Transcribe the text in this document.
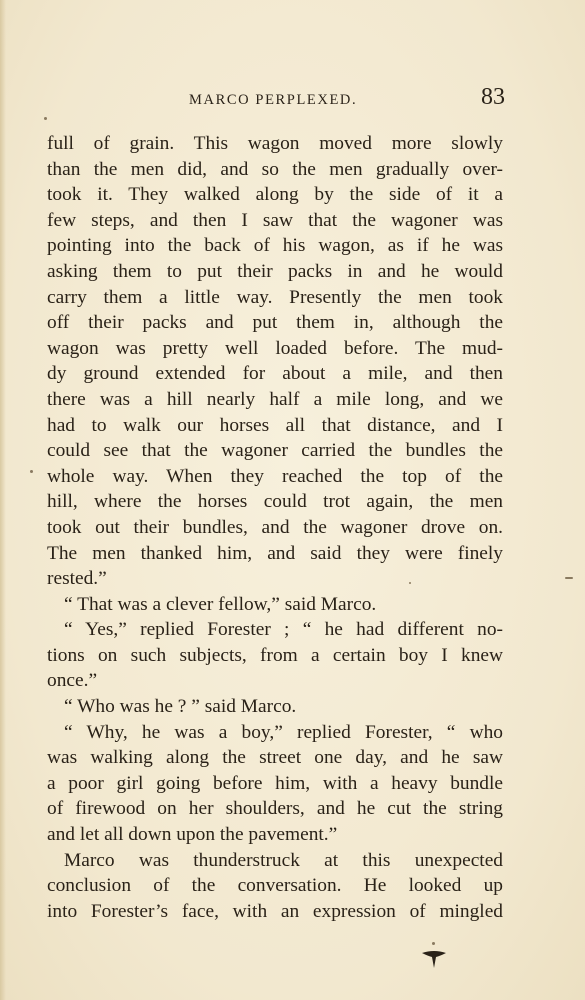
MARCO PERPLEXED.	83
full of grain. This wagon moved more slowly
than the men did, and so the men gradually over-
took it. They walked along by the side of it a
few steps, and then I saw that the wagoner was
pointing into the back of his wagon, as if he was
asking them to put their packs in and he would
carry them a little way. Presently the men took
off their packs and put them in, although the
wagon was pretty well loaded before. The mud-
dy ground extended for about a mile, and then
there was a hill nearly half a mile long, and we
had to walk our horses all that distance, and I
could see that the wagoner carried the bundles the
whole way. When they reached the top of the
hill, where the horses could trot again, the men
took out their bundles, and the wagoner drove on.
The men thanked him, and said they were finely
rested.”
“ That was a clever fellow,” said Marco.
“ Yes,” replied Forester ; “ he had different no-
tions on such subjects, from a certain boy I knew
once.”
“ Who was he ? ” said Marco.
“ Why, he was a boy,” replied Forester, “ who
was walking along the street one day, and he saw
a poor girl going before him, with a heavy bundle
of firewood on her shoulders, and he cut the string
and let all down upon the pavement.”
Marco was thunderstruck at this unexpected
conclusion of the conversation. He looked up
into Forester’s face, with an expression of mingled
